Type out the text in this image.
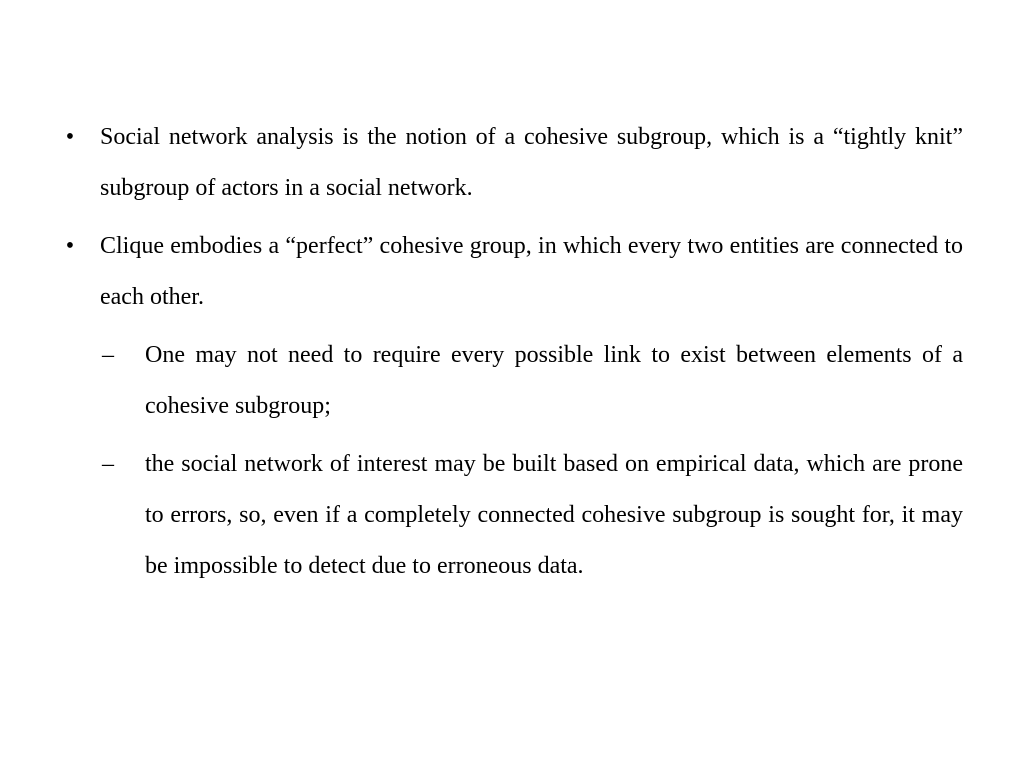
• Social network analysis is the notion of a cohesive subgroup, which is a “tightly knit” subgroup of actors in a social network.
• Clique embodies a “perfect” cohesive group, in which every two entities are connected to each other.
– One may not need to require every possible link to exist between elements of a cohesive subgroup;
– the social network of interest may be built based on empirical data, which are prone to errors, so, even if a completely connected cohesive subgroup is sought for, it may be impossible to detect due to erroneous data.
